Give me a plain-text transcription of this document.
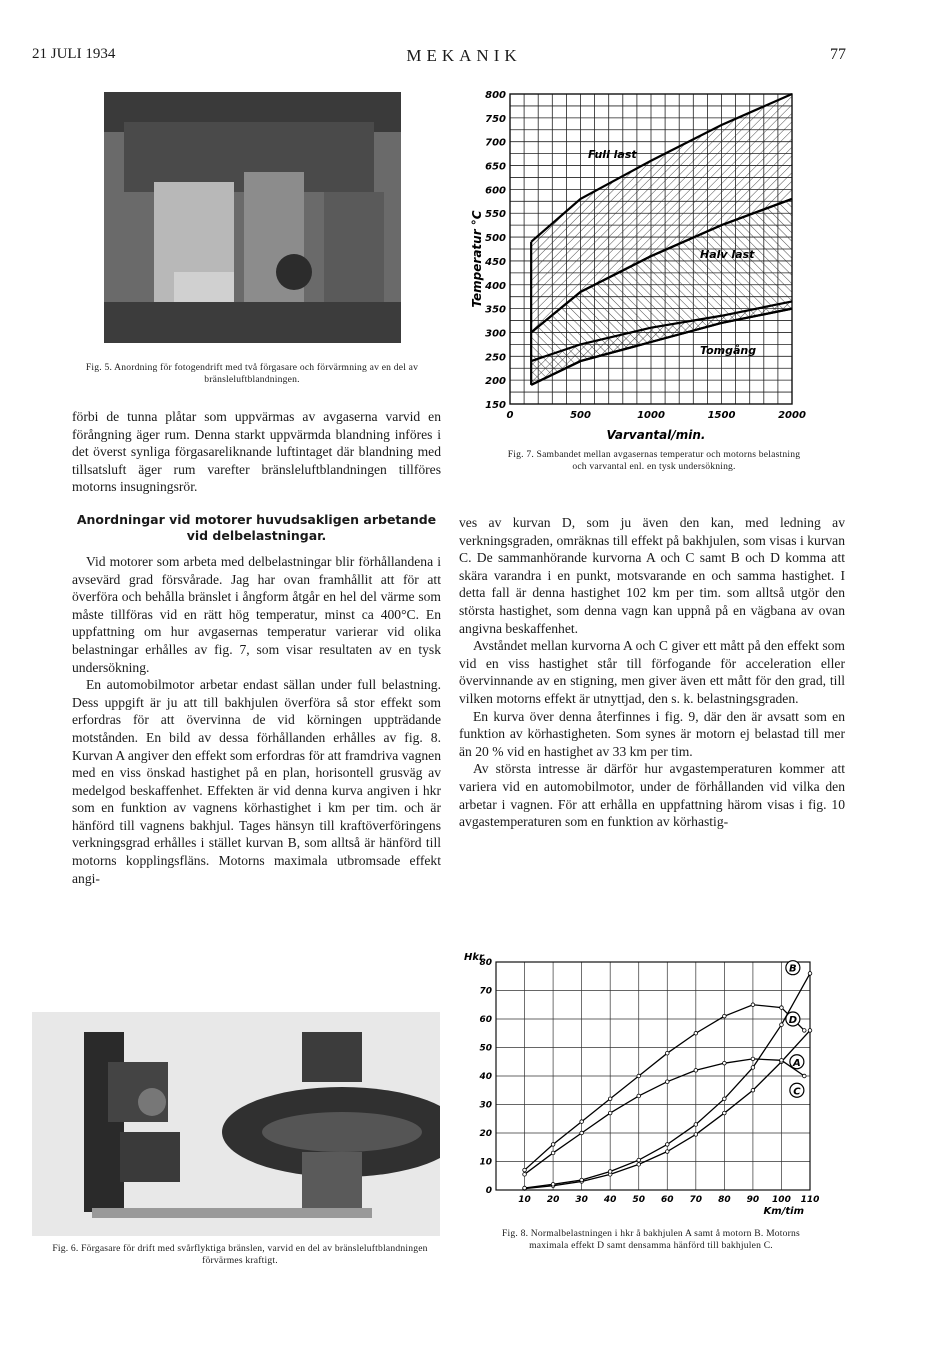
21 JULI 1934	MEKANIK	77
Fig. 5. Anordning för fotogendrift med två förgasare och förvärmning av en del av bränsleluftblandningen.

förbi de tunna plåtar som uppvärmas av avgaserna varvid en förångning äger rum. Denna starkt uppvärmda blandning införes i det överst synliga förgasareliknande luftintaget där blandning med tillsatsluft äger rum varefter bränsleluftblandningen tillföres motorns insugningsrör.

Anordningar vid motorer huvudsakligen arbetande vid delbelastningar.

Vid motorer som arbeta med delbelastningar blir förhållandena i avsevärd grad försvårade. Jag har ovan framhållit att för att överföra och behålla bränslet i ångform åtgår en hel del värme som måste tillföras vid en rätt hög temperatur, minst ca 400°C. En uppfattning om hur avgasernas temperatur varierar vid olika belastningar erhålles av fig. 7, som visar resultaten av en tysk undersökning.

En automobilmotor arbetar endast sällan under full belastning. Dess uppgift är ju att till bakhjulen överföra så stor effekt som erfordras för att övervinna de vid körningen uppträdande motstånden. En bild av dessa förhållanden erhålles av fig. 8. Kurvan A angiver den effekt som erfordras för att framdriva vagnen med en viss önskad hastighet på en plan, horisontell grusväg av medelgod beskaffenhet. Effekten är vid denna kurva angiven i hkr som en funktion av vagnens körhastighet i km per tim. och är hänförd till vagnens bakhjul. Tages hänsyn till kraftöverföringens verkningsgrad erhålles i stället kurvan B, som alltså är hänförd till motorns kopplingsfläns. Motorns maximala utbromsade effekt angi-

Fig. 6. Förgasare för drift med svårflyktiga bränslen, varvid en del av bränsleluftblandningen förvärmes kraftigt.
150
200
250
300
350
400
450
500
550
600
650
700
750
800
0	500	1000	1500	2000
Temperatur °C
Varvantal/min.
Full last
Halv last
Tomgång
Fig. 7. Sambandet mellan avgasernas temperatur och motorns belastning och varvantal enl. en tysk undersökning.

ves av kurvan D, som ju även den kan, med ledning av verkningsgraden, omräknas till effekt på bakhjulen, som visas i kurvan C. De sammanhörande kurvorna A och C samt B och D komma att skära varandra i en punkt, motsvarande en och samma hastighet. I detta fall är denna hastighet 102 km per tim. som alltså utgör den största hastighet, som denna vagn kan uppnå på en vägbana av ovan angivna beskaffenhet.

Avståndet mellan kurvorna A och C giver ett mått på den effekt som vid en viss hastighet står till förfogande för acceleration eller övervinnande av en stigning, men giver även ett mått för den grad, till vilken motorns effekt är utnyttjad, den s. k. belastningsgraden.

En kurva över denna återfinnes i fig. 9, där den är avsatt som en funktion av körhastigheten. Som synes är motorn ej belastad till mer än 20 % vid en hastighet av 33 km per tim.

Av största intresse är därför hur avgastemperaturen kommer att variera vid en automobilmotor, under de förhållanden vid vilka den arbetar i vagnen. För att erhålla en uppfattning härom visas i fig. 10 avgastemperaturen som en funktion av körhastig-

0
10
20
30
40
50
60
70
80
10 20 30 40 50 60 70 80 90 100 110
Hkr
Km/tim
B
D
A
C
Fig. 8. Normalbelastningen i hkr å bakhjulen A samt å motorn B. Motorns maximala effekt D samt densamma hänförd till bakhjulen C.
